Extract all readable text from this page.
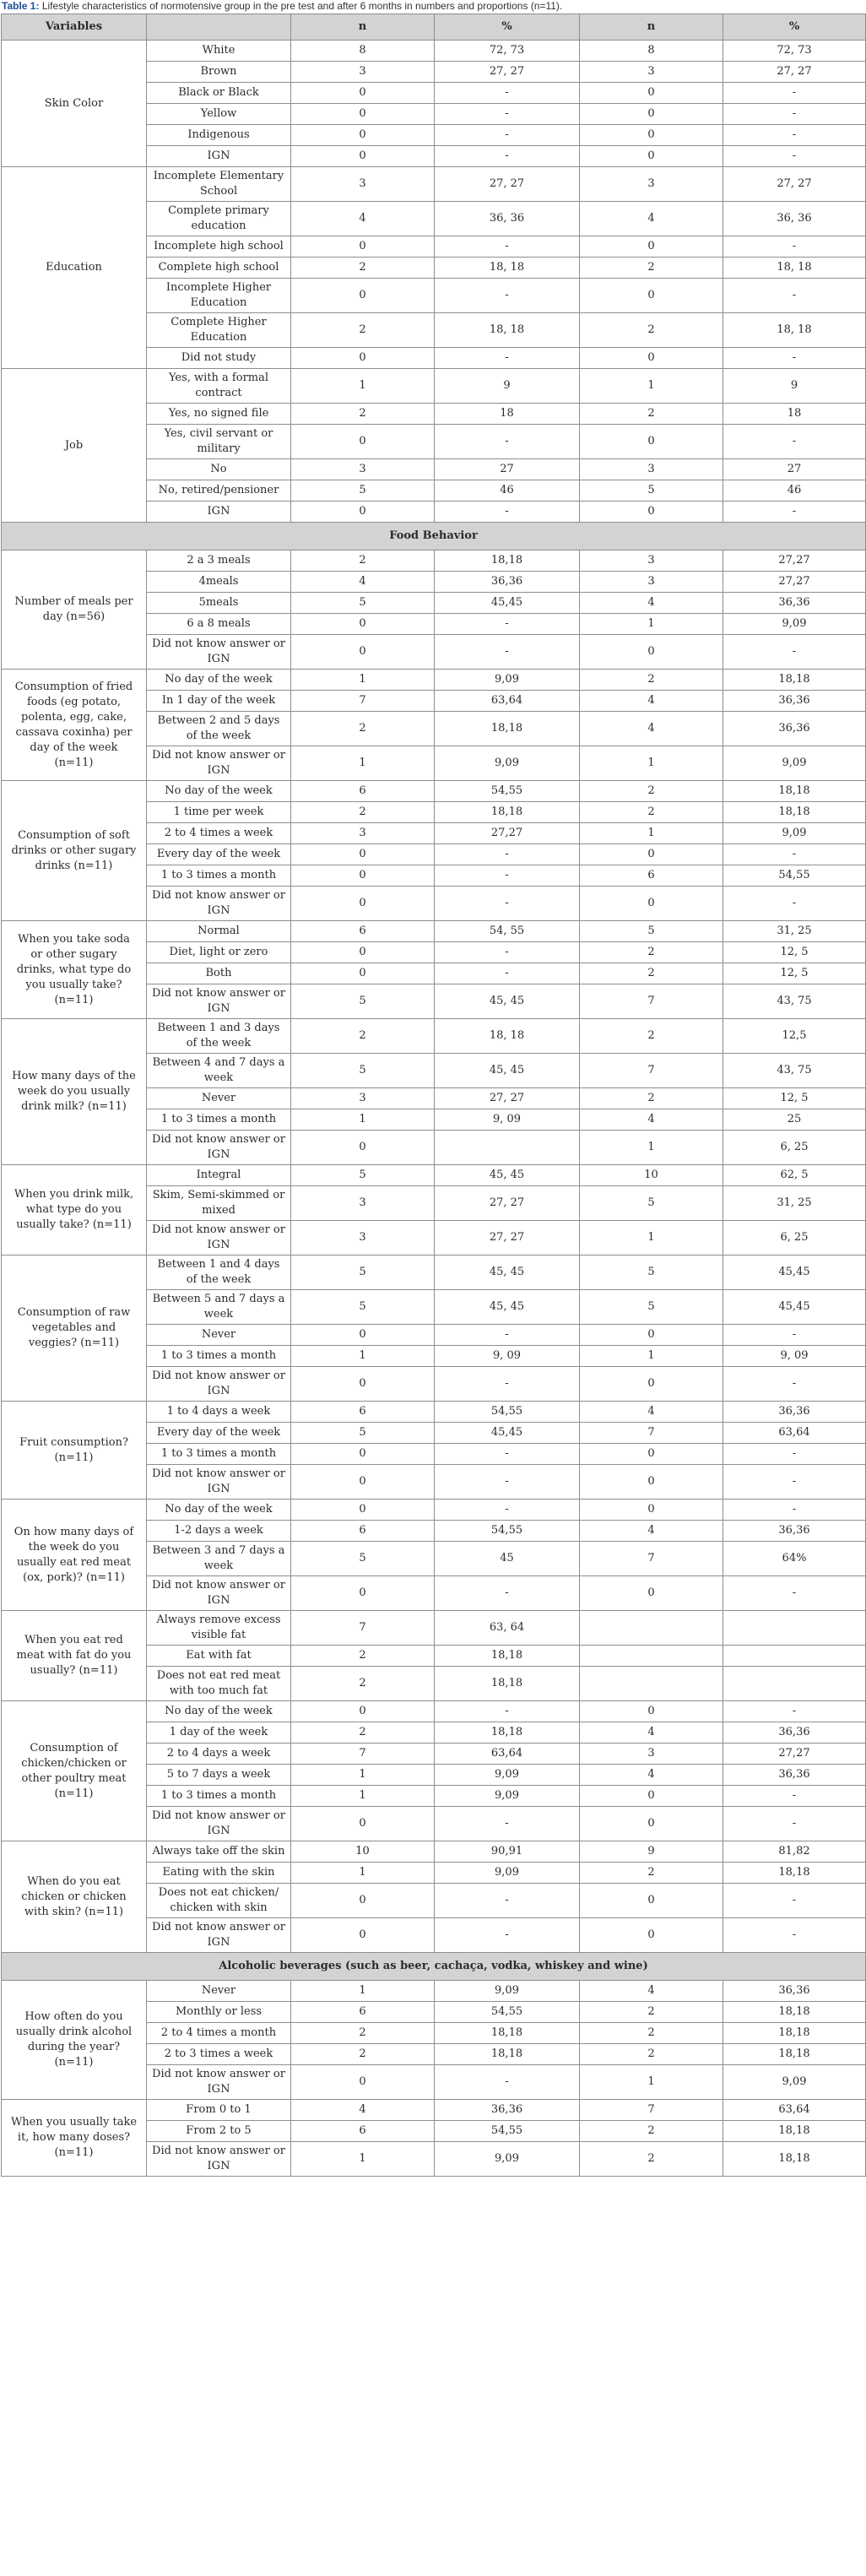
Table 1: Lifestyle characteristics of normotensive group in the pre test and after 6 months in numbers and proportions (n=11).
Variables		n	%	n	%
Skin Color	White	8	72, 73	8	72, 73
	Brown	3	27, 27	3	27, 27
	Black or Black	0	-	0	-
	Yellow	0	-	0	-
	Indigenous	0	-	0	-
	IGN	0	-	0	-
Education	Incomplete Elementary School	3	27, 27	3	27, 27
	Complete primary education	4	36, 36	4	36, 36
	Incomplete high school	0	-	0	-
	Complete high school	2	18, 18	2	18, 18
	Incomplete Higher Education	0	-	0	-
	Complete Higher Education	2	18, 18	2	18, 18
	Did not study	0	-	0	-
Job	Yes, with a formal contract	1	9	1	9
	Yes, no signed file	2	18	2	18
	Yes, civil servant or military	0	-	0	-
	No	3	27	3	27
	No, retired/pensioner	5	46	5	46
	IGN	0	-	0	-
Food Behavior					
Number of meals per day (n=56)	2 a 3 meals	2	18,18	3	27,27
	4meals	4	36,36	3	27,27
	5meals	5	45,45	4	36,36
	6 a 8 meals	0	-	1	9,09
	Did not know answer or IGN	0	-	0	-
Consumption of fried foods (eg potato, polenta, egg, cake, cassava coxinha) per day of the week (n=11)	No day of the week	1	9,09	2	18,18
	In 1 day of the week	7	63,64	4	36,36
	Between 2 and 5 days of the week	2	18,18	4	36,36
	Did not know answer or IGN	1	9,09	1	9,09
Consumption of soft drinks or other sugary drinks (n=11)	No day of the week	6	54,55	2	18,18
	1 time per week	2	18,18	2	18,18
	2 to 4 times a week	3	27,27	1	9,09
	Every day of the week	0	-	0	-
	1 to 3 times a month	0	-	6	54,55
	Did not know answer or IGN	0	-	0	-
When you take soda or other sugary drinks, what type do you usually take? (n=11)	Normal	6	54, 55	5	31, 25
	Diet, light or zero	0	-	2	12, 5
	Both	0	-	2	12, 5
	Did not know answer or IGN	5	45, 45	7	43, 75
How many days of the week do you usually drink milk? (n=11)	Between 1 and 3 days of the week	2	18, 18	2	12,5
	Between 4 and 7 days a week	5	45, 45	7	43, 75
	Never	3	27, 27	2	12, 5
	1 to 3 times a month	1	9, 09	4	25
	Did not know answer or IGN	0		1	6, 25
When you drink milk, what type do you usually take? (n=11)	Integral	5	45, 45	10	62, 5
	Skim, Semi-skimmed or mixed	3	27, 27	5	31, 25
	Did not know answer or IGN	3	27, 27	1	6, 25
Consumption of raw vegetables and veggies? (n=11)	Between 1 and 4 days of the week	5	45, 45	5	45,45
	Between 5 and 7 days a week	5	45, 45	5	45,45
	Never	0	-	0	-
	1 to 3 times a month	1	9, 09	1	9, 09
	Did not know answer or IGN	0	-	0	-
Fruit consumption? (n=11)	1 to 4 days a week	6	54,55	4	36,36
	Every day of the week	5	45,45	7	63,64
	1 to 3 times a month	0	-	0	-
	Did not know answer or IGN	0	-	0	-
On how many days of the week do you usually eat red meat (ox, pork)? (n=11)	No day of the week	0	-	0	-
	1-2 days a week	6	54,55	4	36,36
	Between 3 and 7 days a week	5	45	7	64%
	Did not know answer or IGN	0	-	0	-
When you eat red meat with fat do you usually? (n=11)	Always remove excess visible fat	7	63, 64		
	Eat with fat	2	18,18		
	Does not eat red meat with too much fat	2	18,18		
Consumption of chicken/chicken or other poultry meat (n=11)	No day of the week	0	-	0	-
	1 day of the week	2	18,18	4	36,36
	2 to 4 days a week	7	63,64	3	27,27
	5 to 7 days a week	1	9,09	4	36,36
	1 to 3 times a month	1	9,09	0	-
	Did not know answer or IGN	0	-	0	-
When do you eat chicken or chicken with skin? (n=11)	Always take off the skin	10	90,91	9	81,82
	Eating with the skin	1	9,09	2	18,18
	Does not eat chicken/ chicken with skin	0	-	0	-
	Did not know answer or IGN	0	-	0	-
Alcoholic beverages (such as beer, cachaça, vodka, whiskey and wine)					
How often do you usually drink alcohol during the year? (n=11)	Never	1	9,09	4	36,36
	Monthly or less	6	54,55	2	18,18
	2 to 4 times a month	2	18,18	2	18,18
	2 to 3 times a week	2	18,18	2	18,18
	Did not know answer or IGN	0	-	1	9,09
When you usually take it, how many doses? (n=11)	From 0 to 1	4	36,36	7	63,64
	From 2 to 5	6	54,55	2	18,18
	Did not know answer or IGN	1	9,09	2	18,18
